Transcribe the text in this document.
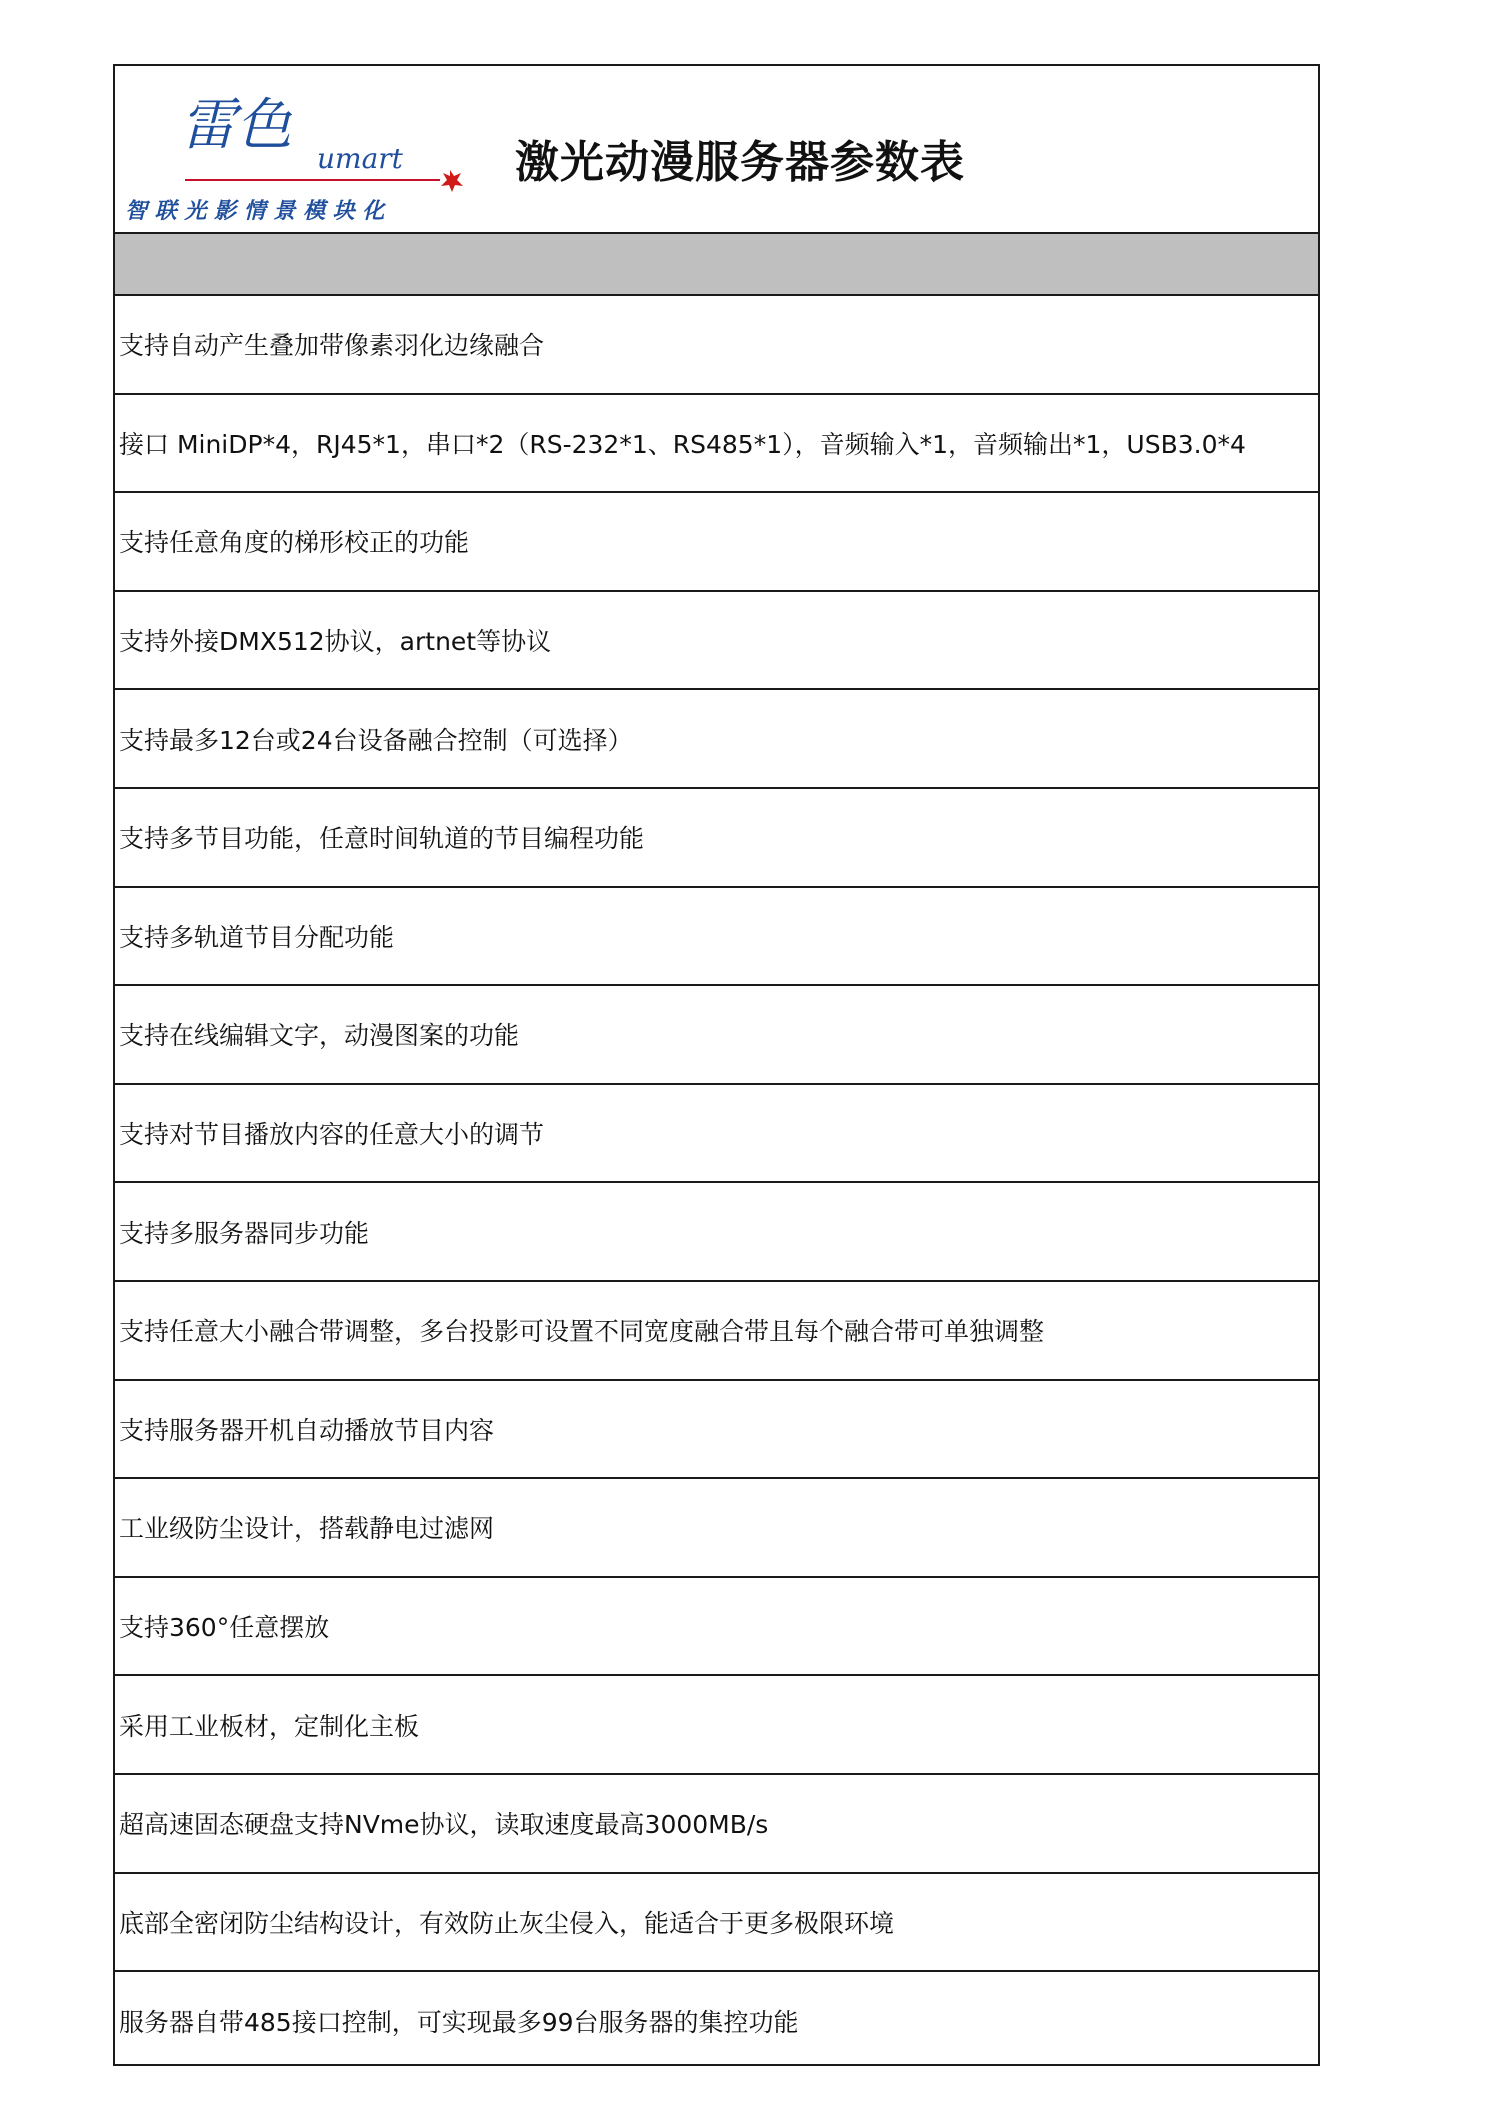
雷色
umart
智 联 光 影 情 景 模 块 化
激光动漫服务器参数表
支持自动产生叠加带像素羽化边缘融合
接口 MiniDP*4，RJ45*1，串口*2（RS-232*1、RS485*1），音频输入*1，音频输出*1，USB3.0*4
支持任意角度的梯形校正的功能
支持外接DMX512协议，artnet等协议
支持最多12台或24台设备融合控制（可选择）
支持多节目功能，任意时间轨道的节目编程功能
支持多轨道节目分配功能
支持在线编辑文字，动漫图案的功能
支持对节目播放内容的任意大小的调节
支持多服务器同步功能
支持任意大小融合带调整，多台投影可设置不同宽度融合带且每个融合带可单独调整
支持服务器开机自动播放节目内容
工业级防尘设计，搭载静电过滤网
支持360°任意摆放
采用工业板材，定制化主板
超高速固态硬盘支持NVme协议，读取速度最高3000MB/s
底部全密闭防尘结构设计，有效防止灰尘侵入，能适合于更多极限环境
服务器自带485接口控制，可实现最多99台服务器的集控功能
